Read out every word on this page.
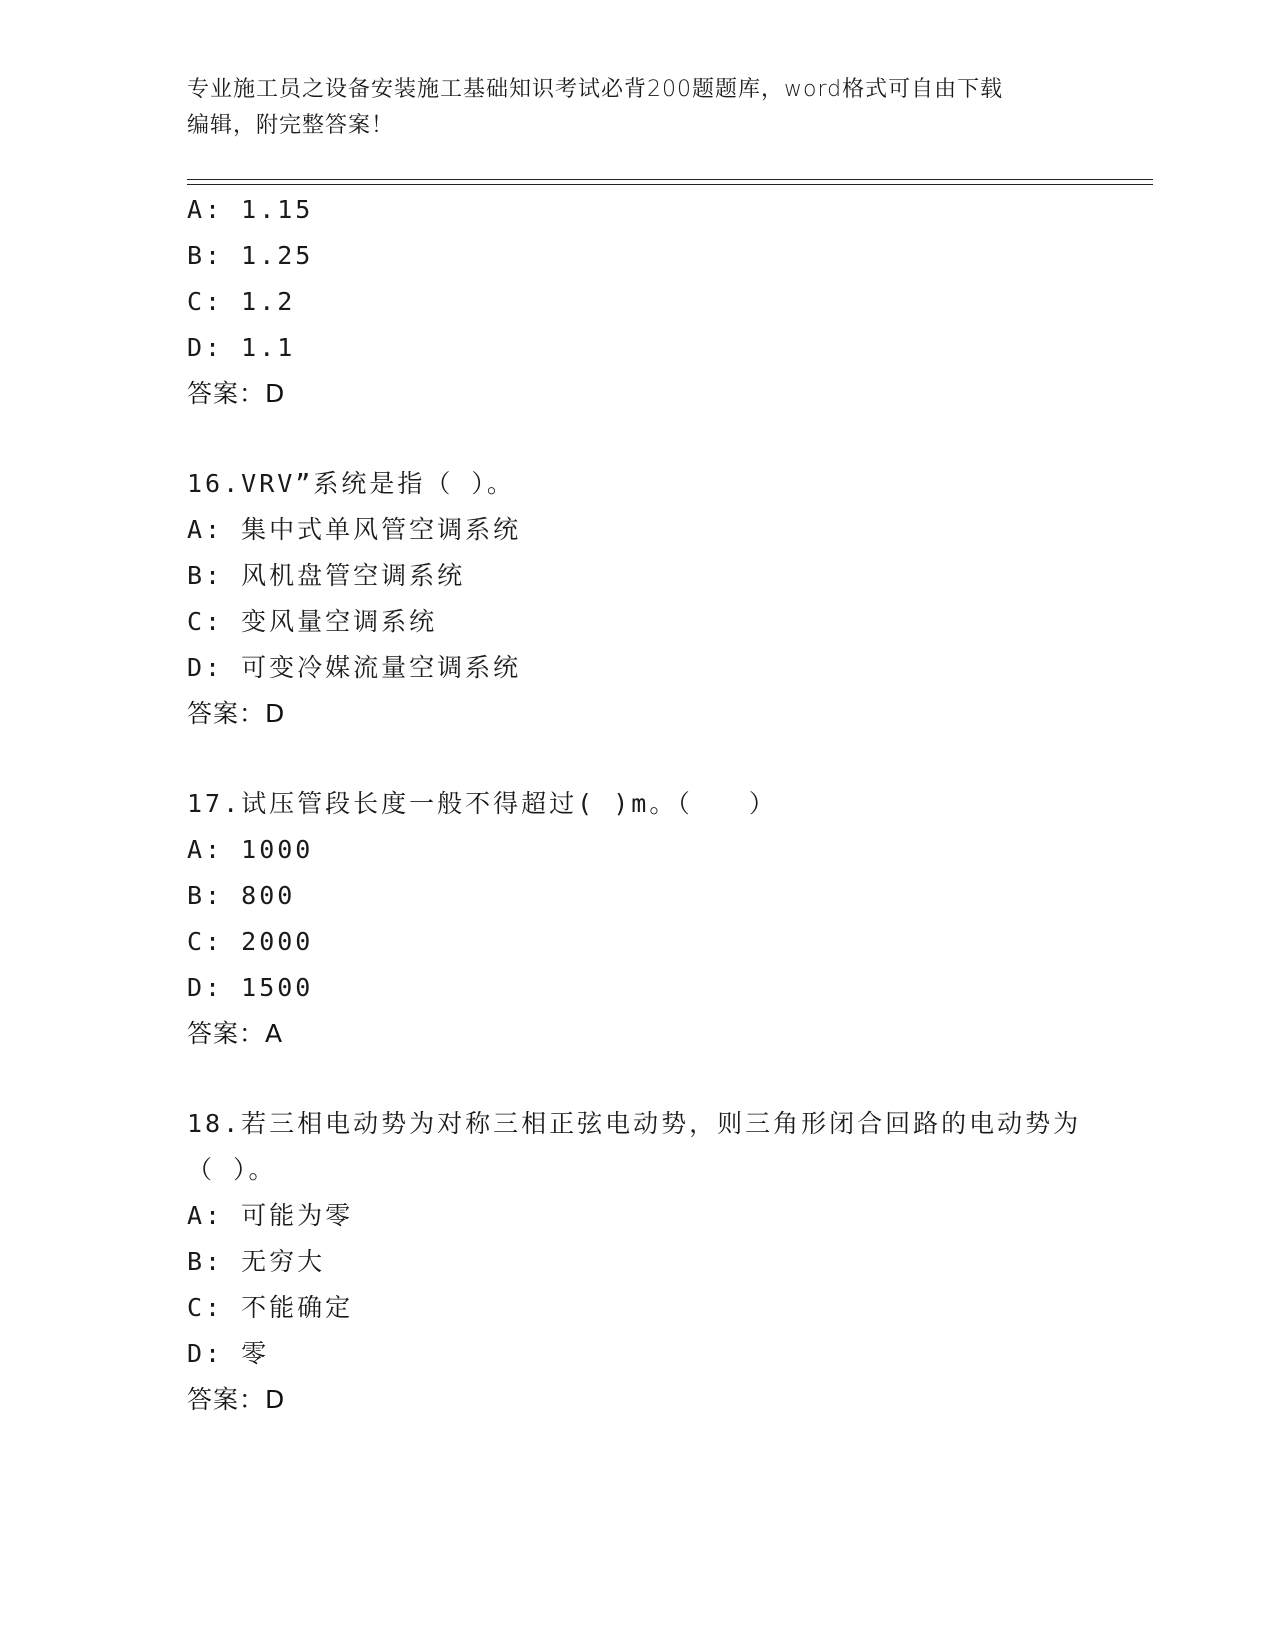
专业施工员之设备安装施工基础知识考试必背200题题库，word格式可自由下载
编辑，附完整答案！
A: 1.15
B: 1.25
C: 1.2
D: 1.1
答案：D
16.VRV”系统是指（ ）。
A: 集中式单风管空调系统
B: 风机盘管空调系统
C: 变风量空调系统
D: 可变冷媒流量空调系统
答案：D
17.试压管段长度一般不得超过( )m。（　　）
A: 1000
B: 800
C: 2000
D: 1500
答案：A
18.若三相电动势为对称三相正弦电动势，则三角形闭合回路的电动势为（ ）。
A: 可能为零
B: 无穷大
C: 不能确定
D: 零
答案：D
